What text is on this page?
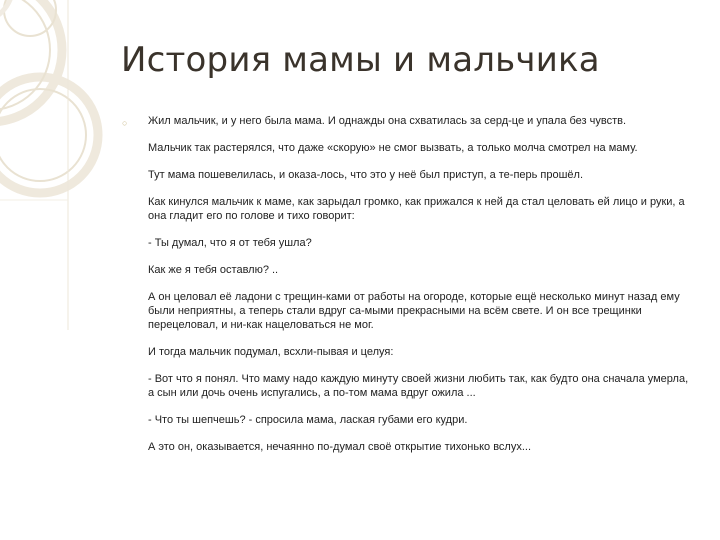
История мамы и мальчика

○ Жил мальчик, и у него была мама. И однажды она схватилась за серд-це и упала без чувств.

Мальчик так растерялся, что даже «скорую» не смог вызвать, а только молча смотрел на маму.

Тут мама пошевелилась, и оказа-лось, что это у неё был приступ, а те-перь прошёл.

Как кинулся мальчик к маме, как зарыдал громко, как прижался к ней да стал целовать ей лицо и руки, а она гладит его по голове и тихо говорит:

- Ты думал, что я от тебя ушла?

Как же я тебя оставлю? ..

А он целовал её ладони с трещин-ками от работы на огороде, которые ещё несколько минут назад ему были неприятны, а теперь стали вдруг са-мыми прекрасными на всём свете. И он все трещинки перецеловал, и ни-как нацеловаться не мог.

И тогда мальчик подумал, всхли-пывая и целуя:

- Вот что я понял. Что маму надо каждую минуту своей жизни любить так, как будто она сначала умерла, а сын или дочь очень испугались, а по-том мама вдруг ожила ...

- Что ты шепчешь? - спросила мама, лаская губами его кудри.

А это он, оказывается, нечаянно по-думал своё открытие тихонько вслух...
